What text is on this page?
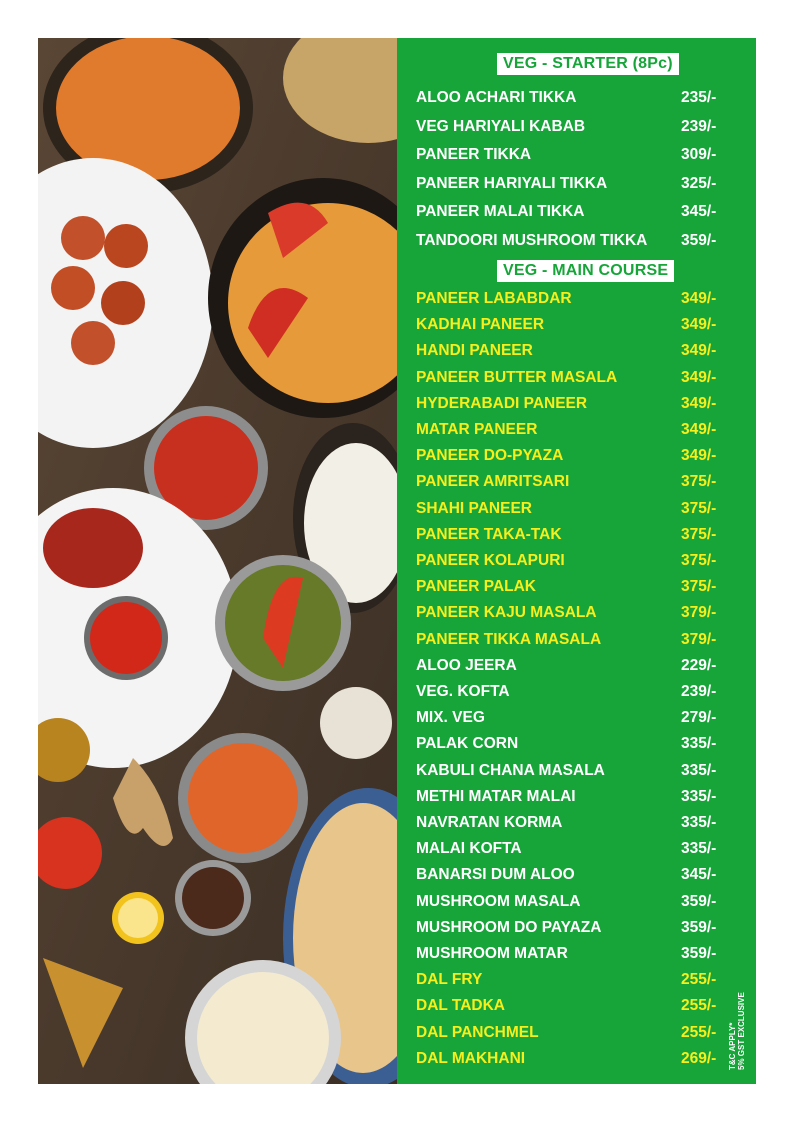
VEG - STARTER (8Pc)
ALOO ACHARI TIKKA	235/-
VEG HARIYALI KABAB	239/-
PANEER TIKKA	309/-
PANEER HARIYALI TIKKA	325/-
PANEER MALAI TIKKA	345/-
TANDOORI MUSHROOM TIKKA 359/-
VEG - MAIN COURSE
PANEER LABABDAR	349/-
KADHAI PANEER	349/-
HANDI PANEER	349/-
PANEER BUTTER MASALA	349/-
HYDERABADI PANEER	349/-
MATAR PANEER	349/-
PANEER DO-PYAZA	349/-
PANEER AMRITSARI	375/-
SHAHI PANEER	375/-
PANEER TAKA-TAK	375/-
PANEER KOLAPURI	375/-
PANEER PALAK	375/-
PANEER KAJU MASALA	379/-
PANEER TIKKA MASALA	379/-
ALOO JEERA	229/-
VEG. KOFTA	239/-
MIX. VEG	279/-
PALAK CORN	335/-
KABULI CHANA MASALA	335/-
METHI MATAR MALAI	335/-
NAVRATAN KORMA	335/-
MALAI KOFTA	335/-
BANARSI DUM ALOO	345/-
MUSHROOM MASALA	359/-
MUSHROOM DO PAYAZA	359/-
MUSHROOM MATAR	359/-
DAL FRY	255/-
DAL TADKA	255/-
DAL PANCHMEL	255/-
DAL MAKHANI	269/- T&C APPLY* 5% GST EXCLUSIVE
